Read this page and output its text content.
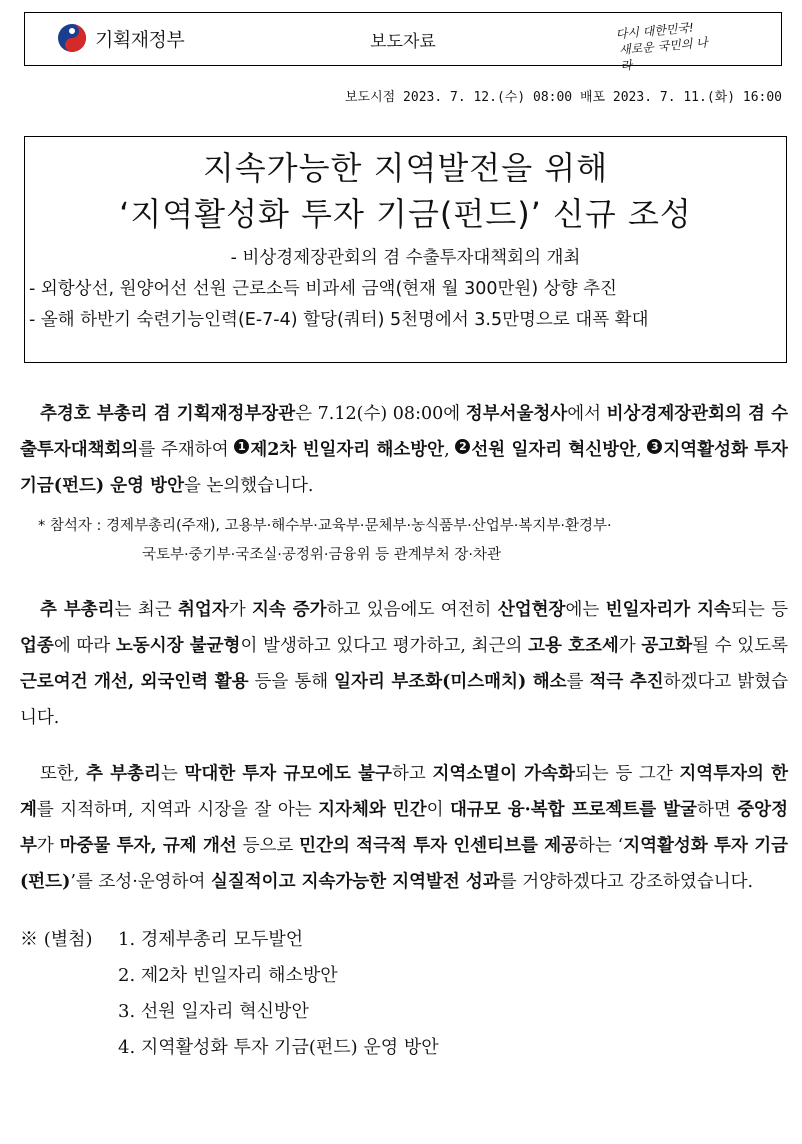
기획재정부	보도자료
다시 대한민국!
새로운 국민의 나라
보도시점 2023. 7. 12.(수) 08:00 배포 2023. 7. 11.(화) 16:00
지속가능한 지역발전을 위해
‘지역활성화 투자 기금(펀드)’ 신규 조성
- 비상경제장관회의 겸 수출투자대책회의 개최
- 외항상선, 원양어선 선원 근로소득 비과세 금액(현재 월 300만원) 상향 추진
- 올해 하반기 숙련기능인력(E-7-4) 할당(쿼터) 5천명에서 3.5만명으로 대폭 확대

추경호 부총리 겸 기획재정부장관은 7.12(수) 08:00에 정부서울청사에서 비상경제장관회의 겸 수출투자대책회의를 주재하여 1 제2차 빈일자리 해소방안, 2 선원 일자리 혁신방안, 3 지역활성화 투자 기금(펀드) 운영 방안을 논의했습니다.

* 참석자 : 경제부총리(주재), 고용부·해수부·교육부·문체부·농식품부·산업부·복지부·환경부·
국토부·중기부·국조실·공정위·금융위 등 관계부처 장·차관

추 부총리는 최근 취업자가 지속 증가하고 있음에도 여전히 산업현장에는 빈일자리가 지속되는 등 업종에 따라 노동시장 불균형이 발생하고 있다고 평가하고, 최근의 고용 호조세가 공고화될 수 있도록 근로여건 개선, 외국인력 활용 등을 통해 일자리 부조화(미스매치) 해소를 적극 추진하겠다고 밝혔습니다.

또한, 추 부총리는 막대한 투자 규모에도 불구하고 지역소멸이 가속화되는 등 그간 지역투자의 한계를 지적하며, 지역과 시장을 잘 아는 지자체와 민간이 대규모 융·복합 프로젝트를 발굴하면 중앙정부가 마중물 투자, 규제 개선 등으로 민간의 적극적 투자 인센티브를 제공하는 ‘지역활성화 투자 기금(펀드)’를 조성·운영하여 실질적이고 지속가능한 지역발전 성과를 거양하겠다고 강조하였습니다.

※ (별첨)	1. 경제부총리 모두발언
2. 제2차 빈일자리 해소방안
3. 선원 일자리 혁신방안
4. 지역활성화 투자 기금(펀드) 운영 방안
